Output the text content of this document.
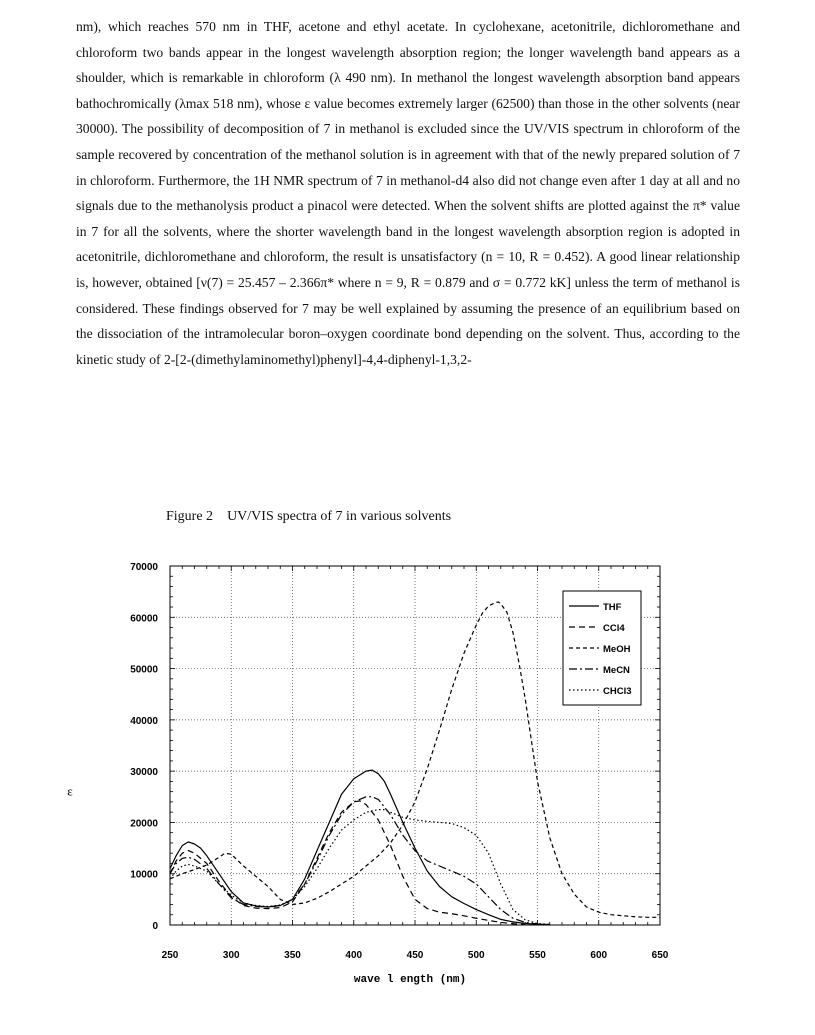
nm), which reaches 570 nm in THF, acetone and ethyl acetate. In cyclohexane, acetonitrile, dichloromethane and chloroform two bands appear in the longest wavelength absorption region; the longer wavelength band appears as a shoulder, which is remarkable in chloroform (λ 490 nm). In methanol the longest wavelength absorption band appears bathochromically (λmax 518 nm), whose ε value becomes extremely larger (62500) than those in the other solvents (near 30000). The possibility of decomposition of 7 in methanol is excluded since the UV/VIS spectrum in chloroform of the sample recovered by concentration of the methanol solution is in agreement with that of the newly prepared solution of 7 in chloroform. Furthermore, the 1H NMR spectrum of 7 in methanol-d4 also did not change even after 1 day at all and no signals due to the methanolysis product a pinacol were detected. When the solvent shifts are plotted against the π* value in 7 for all the solvents, where the shorter wavelength band in the longest wavelength absorption region is adopted in acetonitrile, dichloromethane and chloroform, the result is unsatisfactory (n = 10, R = 0.452). A good linear relationship is, however, obtained [ν(7) = 25.457 – 2.366π* where n = 9, R = 0.879 and σ = 0.772 kK] unless the term of methanol is considered. These findings observed for 7 may be well explained by assuming the presence of an equilibrium based on the dissociation of the intramolecular boron–oxygen coordinate bond depending on the solvent. Thus, according to the kinetic study of 2-[2-(dimethylaminomethyl)phenyl]-4,4-diphenyl-1,3,2-

Figure 2 UV/VIS spectra of 7 in various solvents
250	300	350	400	450	500	550	600	650
0
10000
20000
30000
40000
50000
60000
70000
wave l ength (nm)
ε
THF
CCl4
MeOH
MeCN
CHCl3
